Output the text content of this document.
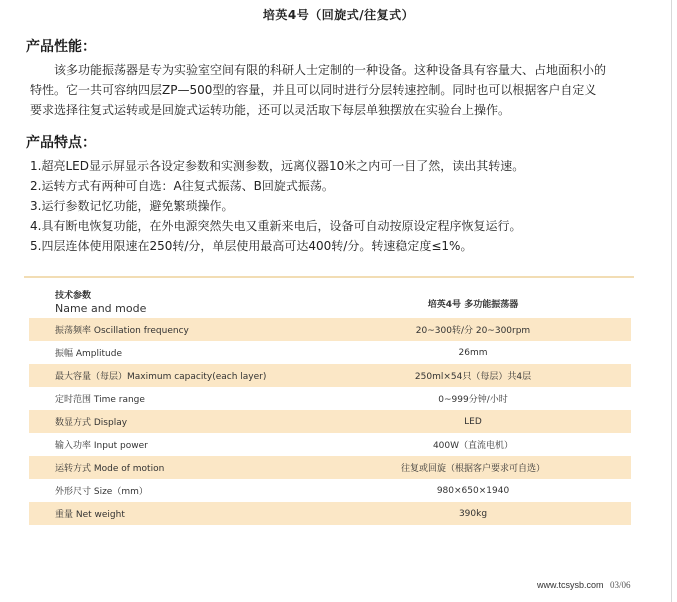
培英4号（回旋式/往复式）
产品性能：
该多功能振荡器是专为实验室空间有限的科研人士定制的一种设备。这种设备具有容量大、占地面积小的
特性。它一共可容纳四层ZP—500型的容量，并且可以同时进行分层转速控制。同时也可以根据客户自定义
要求选择往复式运转或是回旋式运转功能，还可以灵活取下每层单独摆放在实验台上操作。
产品特点：
1.超亮LED显示屏显示各设定参数和实测参数，远离仪器10米之内可一目了然，读出其转速。
2.运转方式有两种可自选：A往复式振荡、B回旋式振荡。
3.运行参数记忆功能，避免繁琐操作。
4.具有断电恢复功能，在外电源突然失电又重新来电后，设备可自动按原设定程序恢复运行。
5.四层连体使用限速在250转/分，单层使用最高可达400转/分。转速稳定度≤1%。
技术参数
Name and mode	培英4号 多功能振荡器
振荡频率 Oscillation frequency	20~300转/分 20~300rpm
振幅 Amplitude	26mm
最大容量（每层）Maximum capacity(each layer)	250ml×54只（每层）共4层
定时范围 Time range	0~999分钟/小时
数显方式 Display	LED
输入功率 Input power	400W（直流电机）
运转方式 Mode of motion	往复或回旋（根据客户要求可自选）
外形尺寸 Size（mm）	980×650×1940
重量 Net weight	390kg
www.tcsysb.com 03/06
